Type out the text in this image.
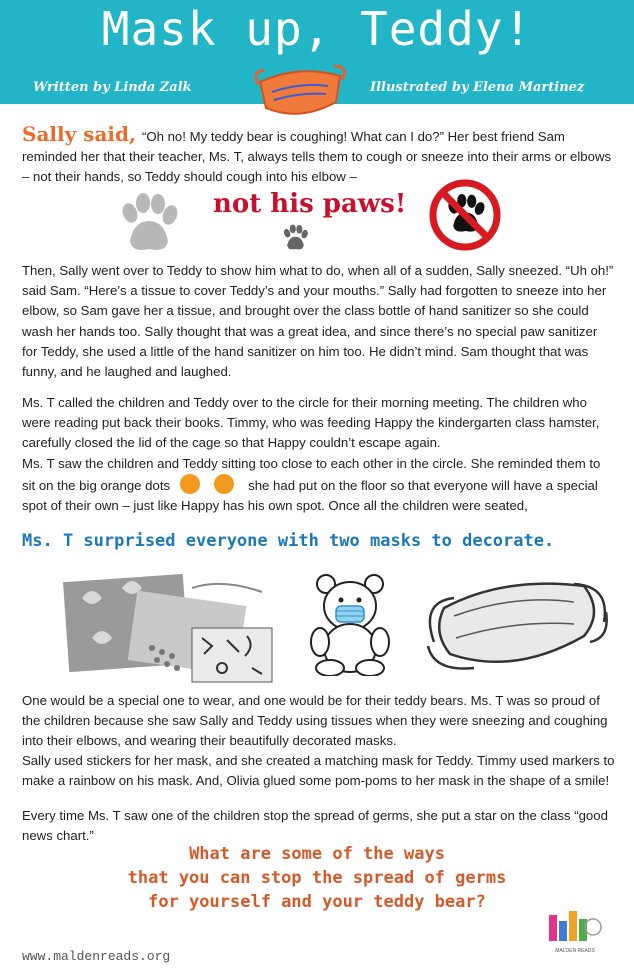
Mask up, Teddy!
Written by Linda Zalk	Illustrated by Elena Martinez
Sally said, “Oh no! My teddy bear is coughing! What can I do?” Her best friend Sam reminded her that their teacher, Ms. T, always tells them to cough or sneeze into their arms or elbows – not their hands, so Teddy should cough into his elbow –
not his paws!
Then, Sally went over to Teddy to show him what to do, when all of a sudden, Sally sneezed. “Uh oh!” said Sam. “Here’s a tissue to cover Teddy’s and your mouths.” Sally had forgotten to sneeze into her elbow, so Sam gave her a tissue, and brought over the class bottle of hand sanitizer so she could wash her hands too. Sally thought that was a great idea, and since there’s no special paw sanitizer for Teddy, she used a little of the hand sanitizer on him too. He didn’t mind. Sam thought that was funny, and he laughed and laughed.
Ms. T called the children and Teddy over to the circle for their morning meeting. The children who were reading put back their books. Timmy, who was feeding Happy the kindergarten class hamster, carefully closed the lid of the cage so that Happy couldn’t escape again.
Ms. T saw the children and Teddy sitting too close to each other in the circle. She reminded them to sit on the big orange dots	she had put on the floor so that everyone will have a special spot of their own – just like Happy has his own spot. Once all the children were seated,
Ms. T surprised everyone with two masks to decorate.
One would be a special one to wear, and one would be for their teddy bears. Ms. T was so proud of the children because she saw Sally and Teddy using tissues when they were sneezing and coughing into their elbows, and wearing their beautifully decorated masks.
Sally used stickers for her mask, and she created a matching mask for Teddy. Timmy used markers to make a rainbow on his mask. And, Olivia glued some pom-poms to her mask in the shape of a smile!
Every time Ms. T saw one of the children stop the spread of germs, she put a star on the class “good news chart.”
What are some of the ways
that you can stop the spread of germs
for yourself and your teddy bear?
www.maldenreads.org	MALDEN READS
